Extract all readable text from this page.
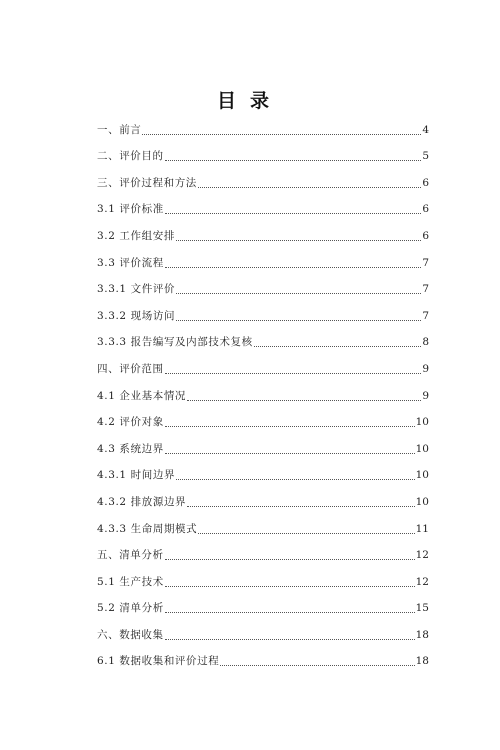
目录
一、前言	4
二、评价目的	5
三、评价过程和方法	6
3.1 评价标准	6
3.2 工作组安排	6
3.3 评价流程	7
3.3.1 文件评价	7
3.3.2 现场访问	7
3.3.3 报告编写及内部技术复核	8
四、评价范围	9
4.1 企业基本情况	9
4.2 评价对象	10
4.3 系统边界	10
4.3.1 时间边界	10
4.3.2 排放源边界	10
4.3.3 生命周期模式	11
五、清单分析	12
5.1 生产技术	12
5.2 清单分析	15
六、数据收集	18
6.1 数据收集和评价过程	18
